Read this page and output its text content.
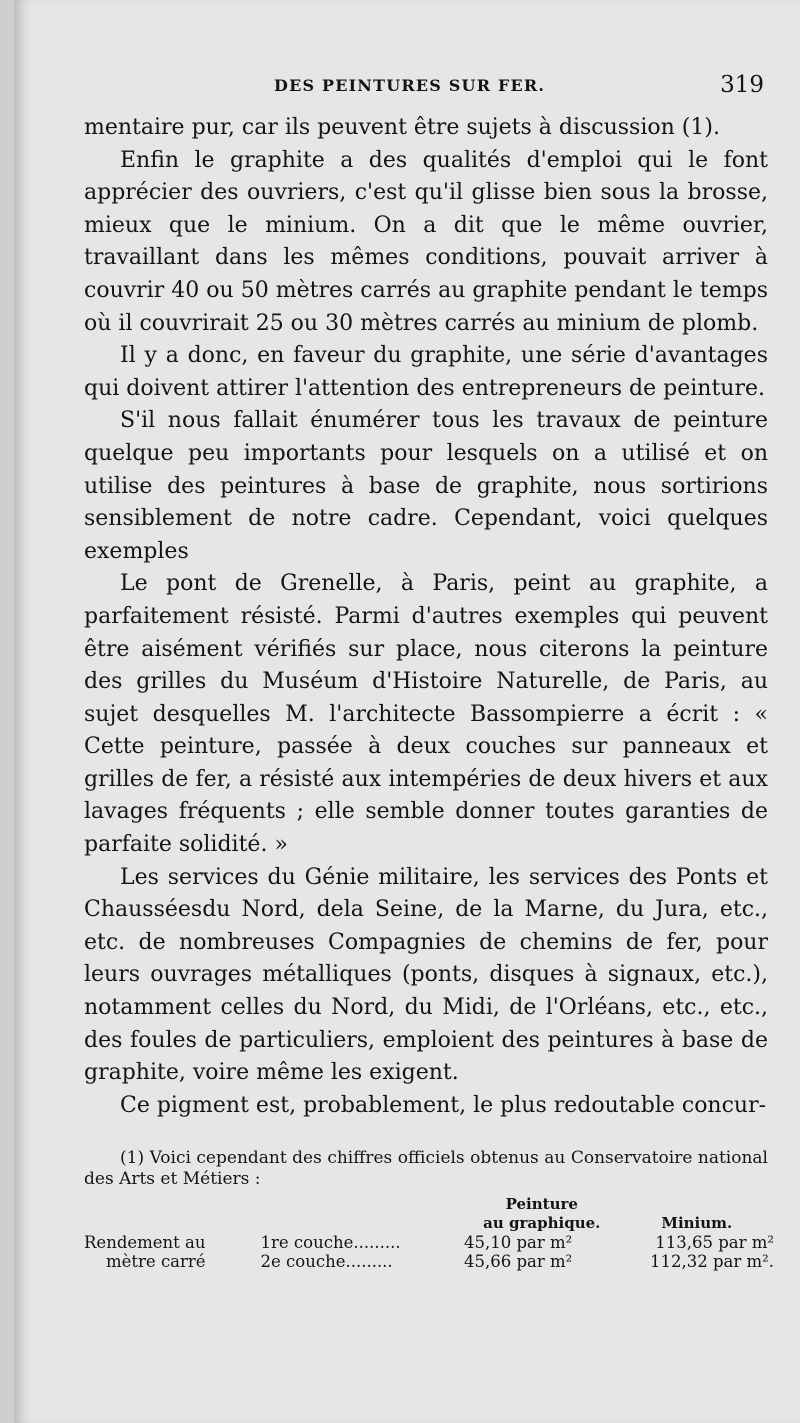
DES PEINTURES SUR FER.	319

mentaire pur, car ils peuvent être sujets à discussion (1).

Enfin le graphite a des qualités d'emploi qui le font apprécier des ouvriers, c'est qu'il glisse bien sous la brosse, mieux que le minium. On a dit que le même ouvrier, travaillant dans les mêmes conditions, pouvait arriver à couvrir 40 ou 50 mètres carrés au graphite pendant le temps où il couvrirait 25 ou 30 mètres carrés au minium de plomb.

Il y a donc, en faveur du graphite, une série d'avantages qui doivent attirer l'attention des entrepreneurs de peinture.

S'il nous fallait énumérer tous les travaux de peinture quelque peu importants pour lesquels on a utilisé et on utilise des peintures à base de graphite, nous sortirions sensiblement de notre cadre. Cependant, voici quelques exemples

Le pont de Grenelle, à Paris, peint au graphite, a parfaitement résisté. Parmi d'autres exemples qui peuvent être aisément vérifiés sur place, nous citerons la peinture des grilles du Muséum d'Histoire Naturelle, de Paris, au sujet desquelles M. l'architecte Bassompierre a écrit : « Cette peinture, passée à deux couches sur panneaux et grilles de fer, a résisté aux intempéries de deux hivers et aux lavages fréquents ; elle semble donner toutes garanties de parfaite solidité. »

Les services du Génie militaire, les services des Ponts et Chausséesdu Nord, dela Seine, de la Marne, du Jura, etc., etc. de nombreuses Compagnies de chemins de fer, pour leurs ouvrages métalliques (ponts, disques à signaux, etc.), notamment celles du Nord, du Midi, de l'Orléans, etc., etc., des foules de particuliers, emploient des peintures à base de graphite, voire même les exigent.

Ce pigment est, probablement, le plus redoutable concur-

(1) Voici cependant des chiffres officiels obtenus au Conservatoire national des Arts et Métiers :

		Peinture	
		au graphique.	Minium.
Rendement au	1re couche.........	45,10 par m²	113,65 par m²
mètre carré	2e couche.........	45,66 par m²	112,32 par m².
